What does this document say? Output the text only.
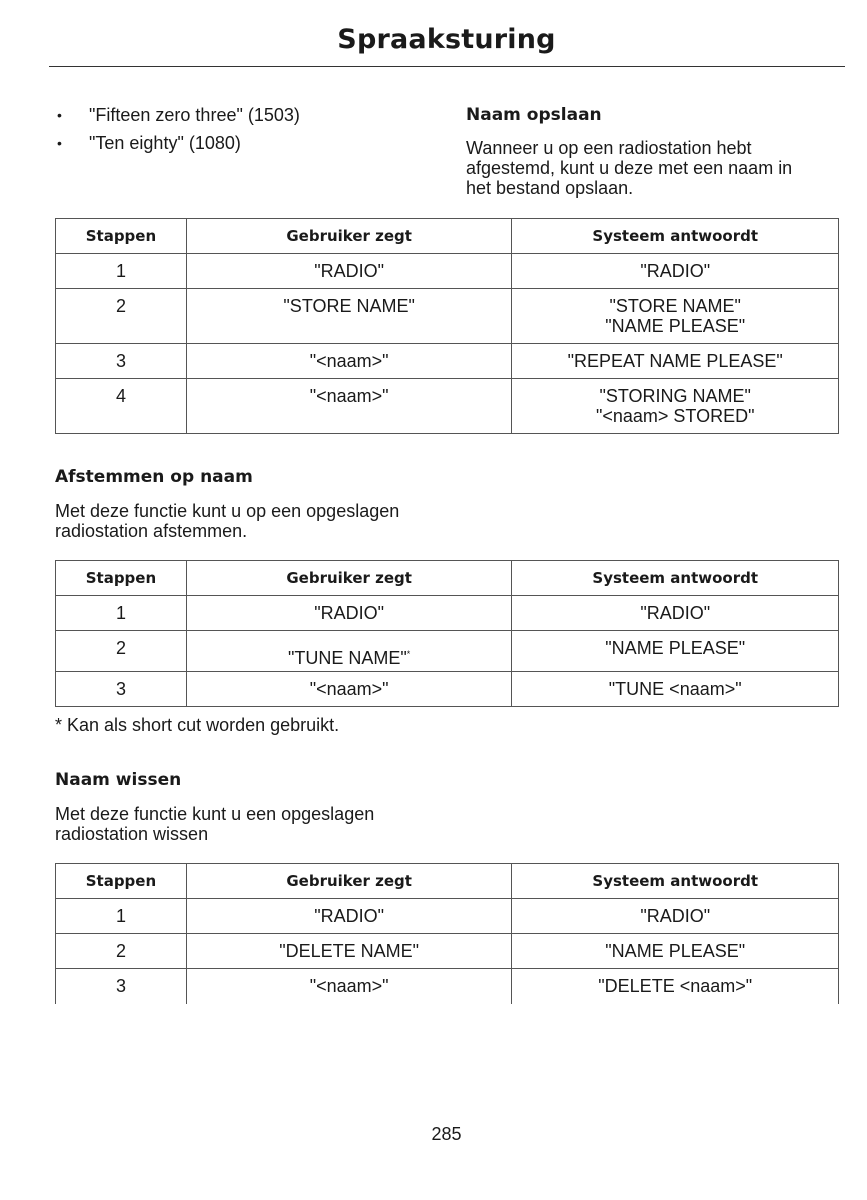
Spraaksturing
• "Fifteen zero three" (1503)
• "Ten eighty" (1080)
Naam opslaan
Wanneer u op een radiostation hebt
afgestemd, kunt u deze met een naam in
het bestand opslaan.
Stappen	Gebruiker zegt	Systeem antwoordt
1	"RADIO"	"RADIO"
2	"STORE NAME"	"STORE NAME"
"NAME PLEASE"

3	"<naam>"	"REPEAT NAME PLEASE"
4	"<naam>"	"STORING NAME"
"<naam> STORED"
Afstemmen op naam
Met deze functie kunt u op een opgeslagen
radiostation afstemmen.
Stappen	Gebruiker zegt	Systeem antwoordt
1	"RADIO"	"RADIO"
2	"TUNE NAME"*	"NAME PLEASE"
3	"<naam>"	"TUNE <naam>"
* Kan als short cut worden gebruikt.
Naam wissen
Met deze functie kunt u een opgeslagen
radiostation wissen
Stappen	Gebruiker zegt	Systeem antwoordt
1	"RADIO"	"RADIO"
2	"DELETE NAME"	"NAME PLEASE"
3	"<naam>"	"DELETE <naam>"
285
